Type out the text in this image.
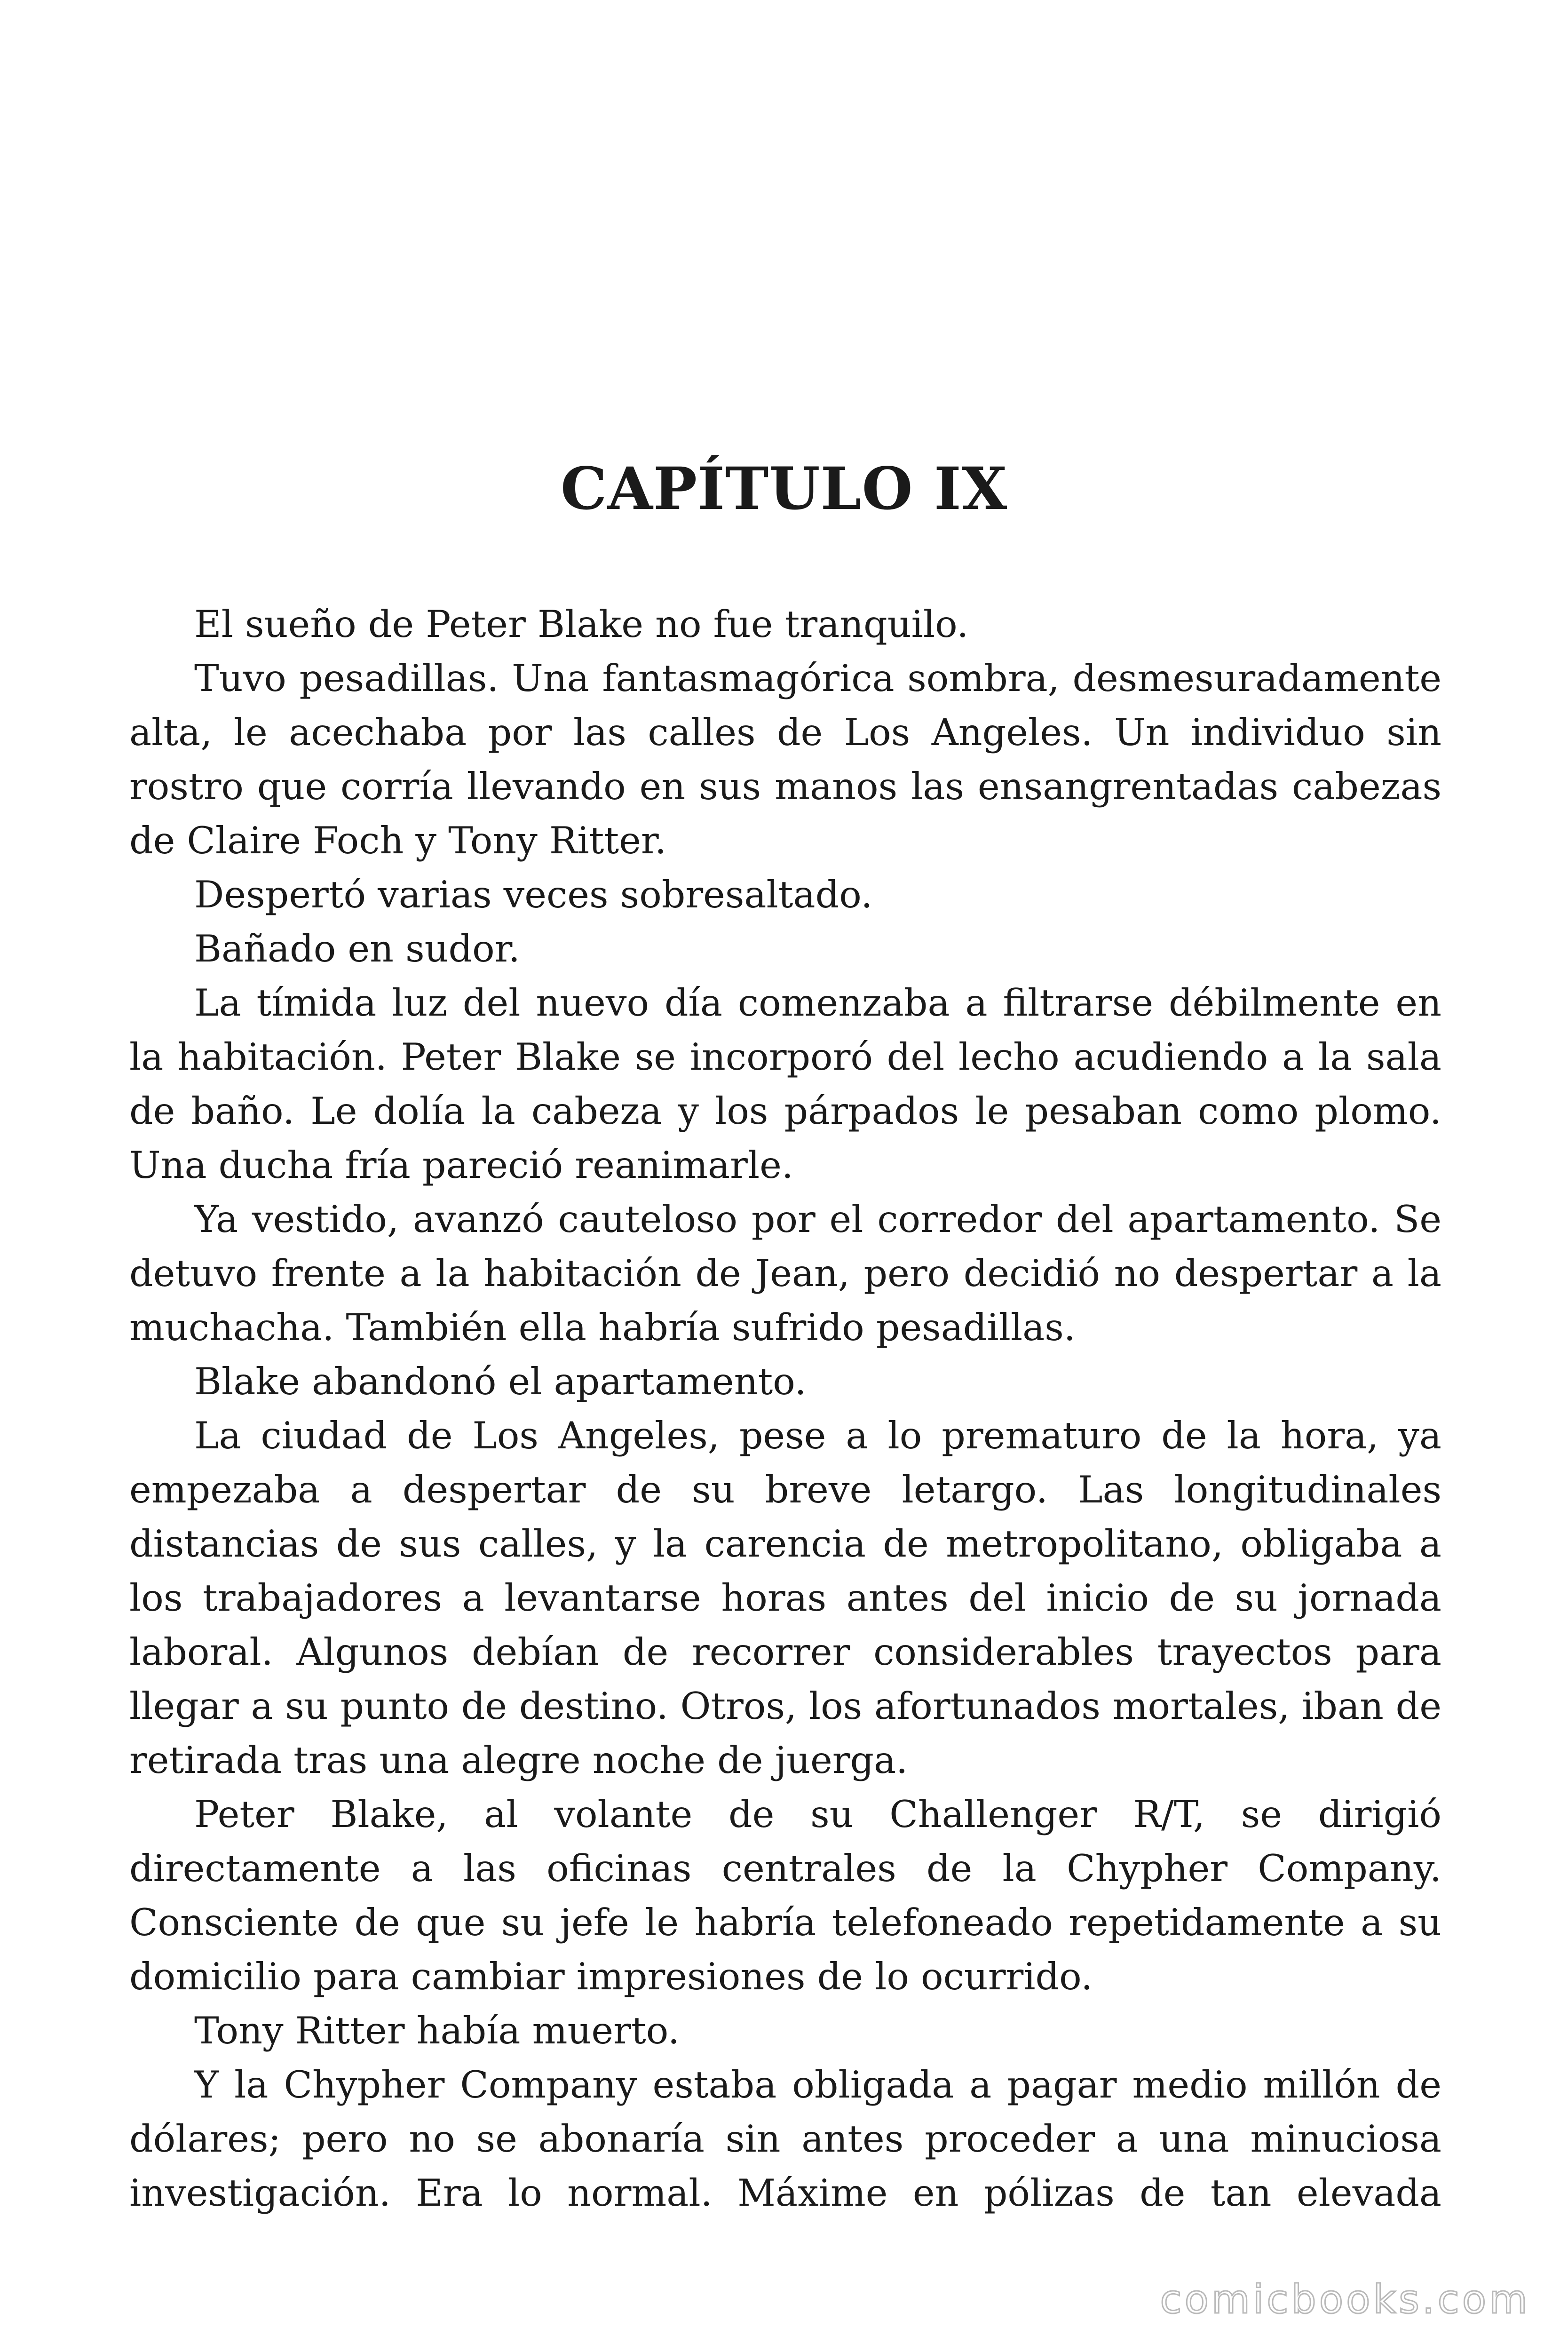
CAPÍTULO IX

El sueño de Peter Blake no fue tranquilo.

Tuvo pesadillas. Una fantasmagórica sombra, desmesuradamente alta, le acechaba por las calles de Los Angeles. Un individuo sin rostro que corría llevando en sus manos las ensangrentadas cabezas de Claire Foch y Tony Ritter.

Despertó varias veces sobresaltado.

Bañado en sudor.

La tímida luz del nuevo día comenzaba a filtrarse débilmente en la habitación. Peter Blake se incorporó del lecho acudiendo a la sala de baño. Le dolía la cabeza y los párpados le pesaban como plomo. Una ducha fría pareció reanimarle.

Ya vestido, avanzó cauteloso por el corredor del apartamento. Se detuvo frente a la habitación de Jean, pero decidió no despertar a la muchacha. También ella habría sufrido pesadillas.

Blake abandonó el apartamento.

La ciudad de Los Angeles, pese a lo prematuro de la hora, ya empezaba a despertar de su breve letargo. Las longitudinales distancias de sus calles, y la carencia de metropolitano, obligaba a los trabajadores a levantarse horas antes del inicio de su jornada laboral. Algunos debían de recorrer considerables trayectos para llegar a su punto de destino. Otros, los afortunados mortales, iban de retirada tras una alegre noche de juerga.

Peter Blake, al volante de su Challenger R/T, se dirigió directamente a las oficinas centrales de la Chypher Company. Consciente de que su jefe le habría telefoneado repetidamente a su domicilio para cambiar impresiones de lo ocurrido.

Tony Ritter había muerto.

Y la Chypher Company estaba obligada a pagar medio millón de dólares; pero no se abonaría sin antes proceder a una minuciosa investigación. Era lo normal. Máxime en pólizas de tan elevada

comicbooks.com
